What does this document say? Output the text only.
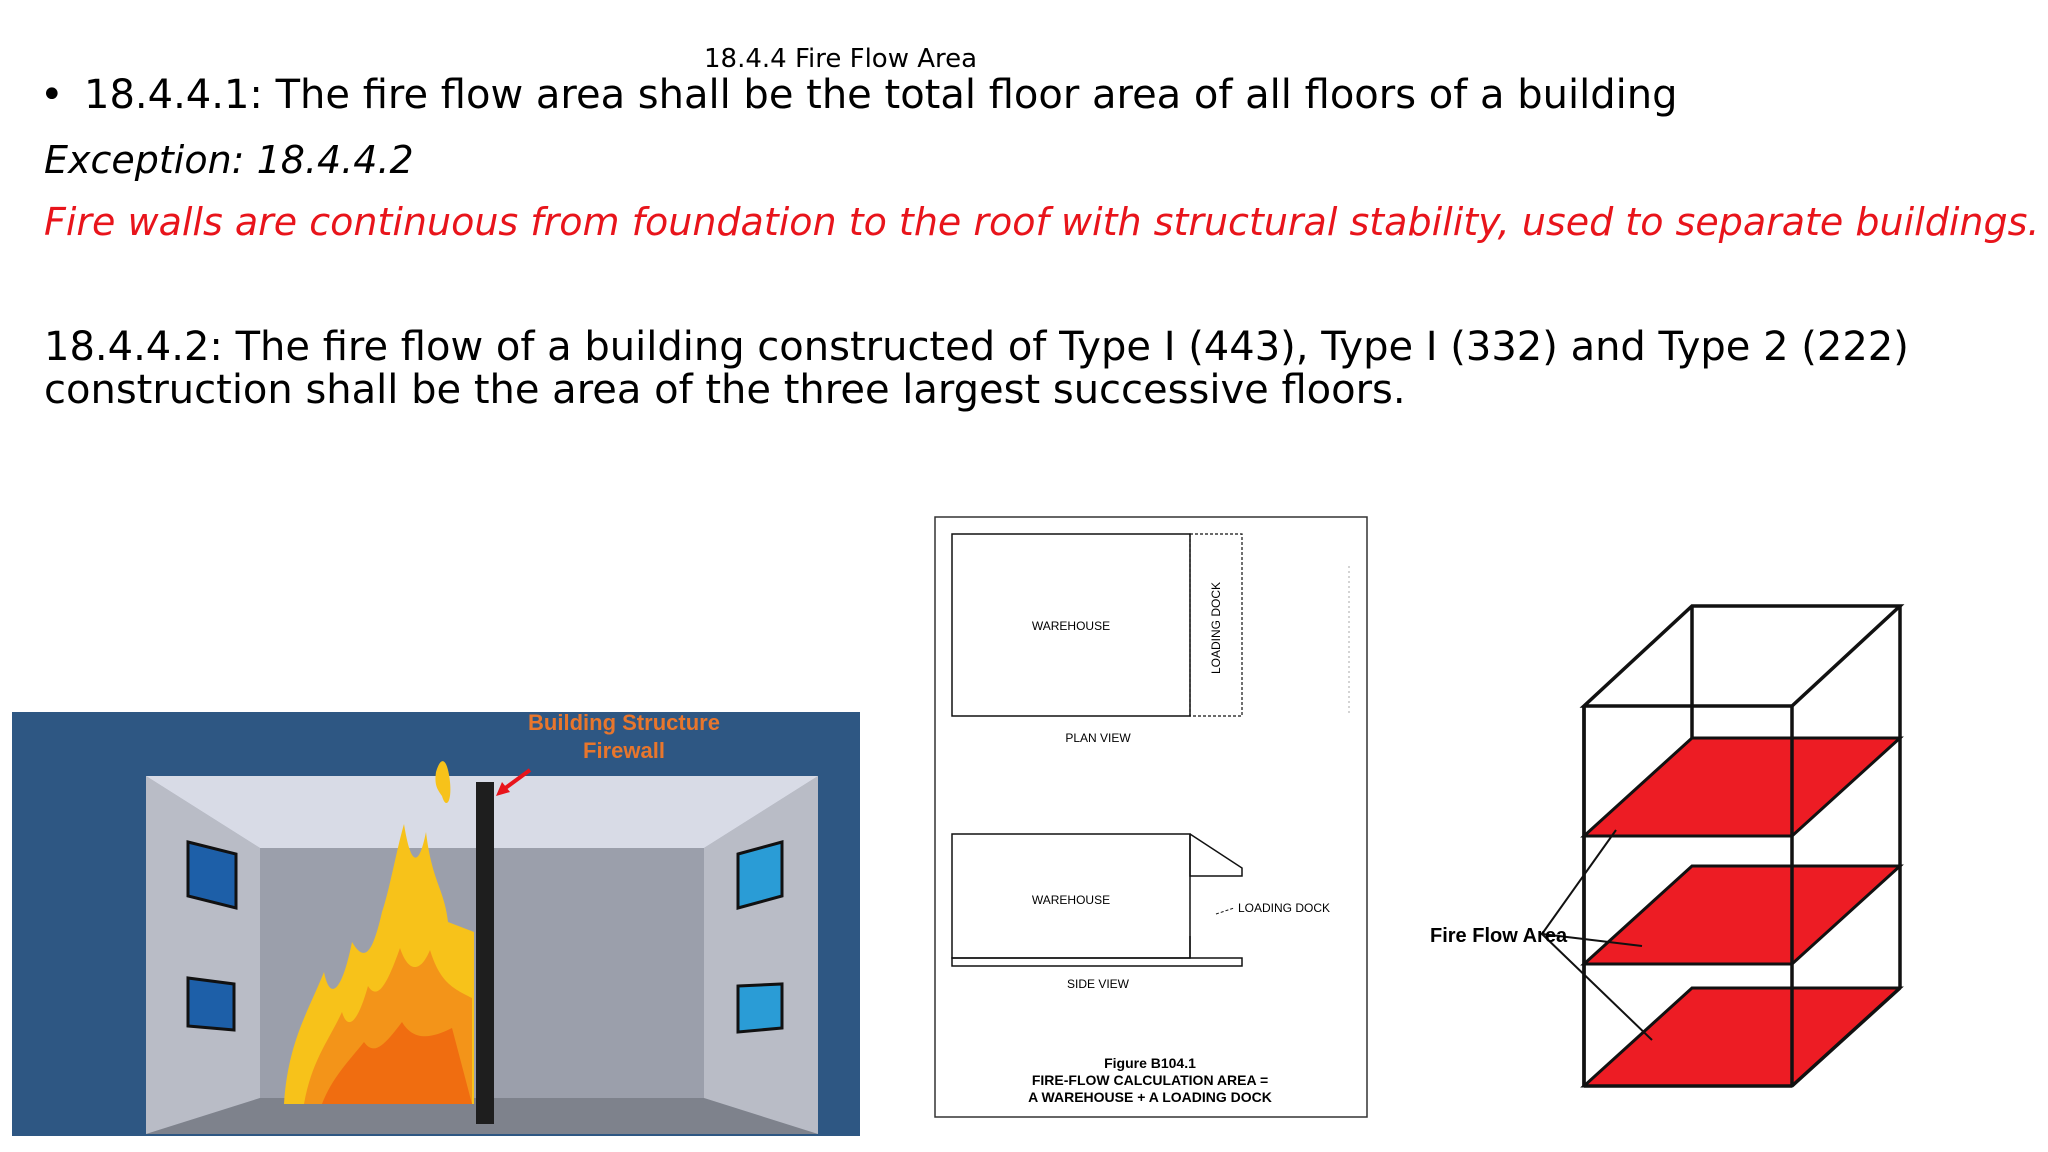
18.4.4 Fire Flow Area
• 18.4.4.1: The fire flow area shall be the total floor area of all floors of a building
Exception: 18.4.4.2
Fire walls are continuous from foundation to the roof with structural stability, used to separate buildings.
18.4.4.2: The fire flow of a building constructed of Type I (443), Type I (332) and Type 2 (222) construction shall be the area of the three largest successive floors.
Building Structure
Firewall
WAREHOUSE	LOADING DOCK
PLAN VIEW
WAREHOUSE
LOADING DOCK
SIDE VIEW
Figure B104.1
FIRE-FLOW CALCULATION AREA =
A WAREHOUSE + A LOADING DOCK
Fire Flow Area
